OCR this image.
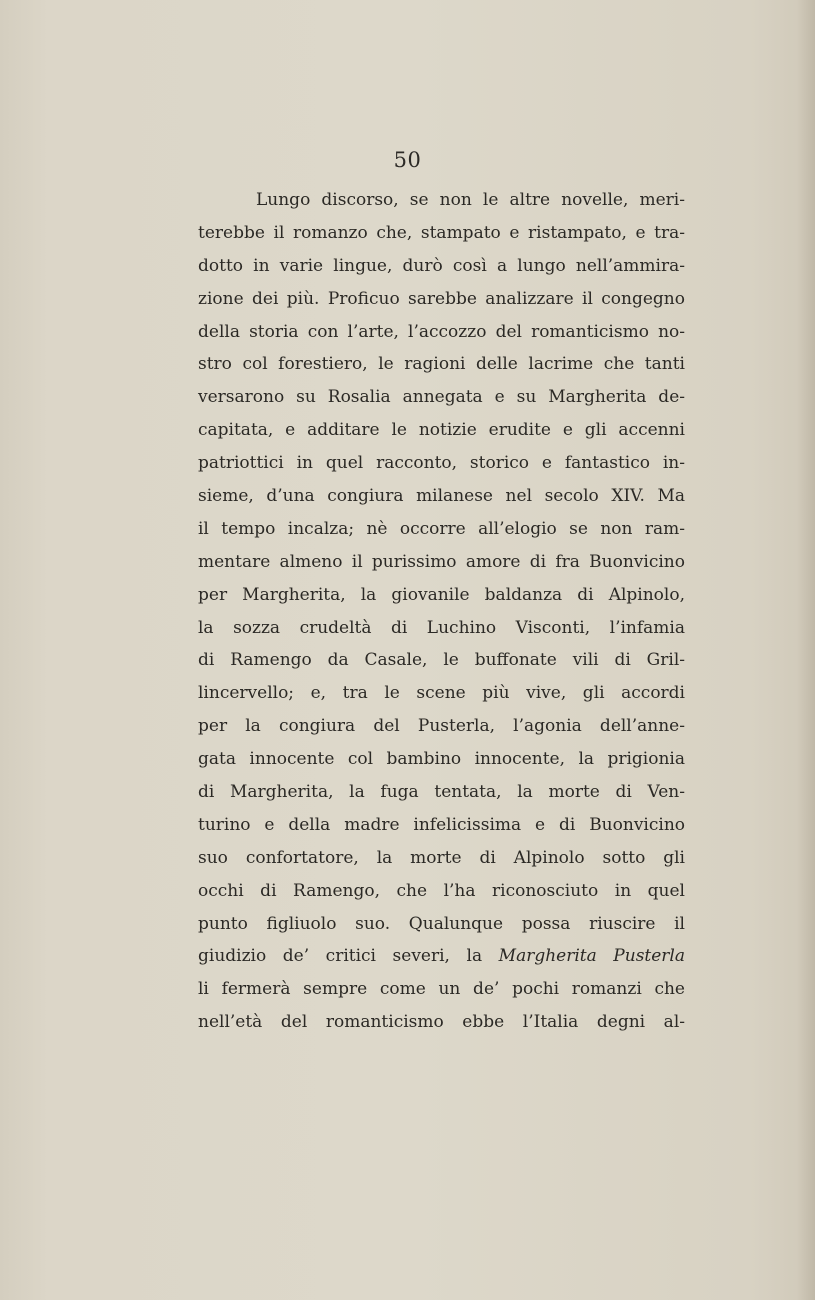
50
Lungo discorso, se non le altre novelle, meri-
terebbe il romanzo che, stampato e ristampato, e tra-
dotto in varie lingue, durò così a lungo nell’ammira-
zione dei più. Proficuo sarebbe analizzare il congegno
della storia con l’arte, l’accozzo del romanticismo no-
stro col forestiero, le ragioni delle lacrime che tanti
versarono su Rosalia annegata e su Margherita de-
capitata, e additare le notizie erudite e gli accenni
patriottici in quel racconto, storico e fantastico in-
sieme, d’una congiura milanese nel secolo XIV. Ma
il tempo incalza; nè occorre all’elogio se non ram-
mentare almeno il purissimo amore di fra Buonvicino
per Margherita, la giovanile baldanza di Alpinolo,
la sozza crudeltà di Luchino Visconti, l’infamia
di Ramengo da Casale, le buffonate vili di Gril-
lincervello; e, tra le scene più vive, gli accordi
per la congiura del Pusterla, l’agonia dell’anne-
gata innocente col bambino innocente, la prigionia
di Margherita, la fuga tentata, la morte di Ven-
turino e della madre infelicissima e di Buonvicino
suo confortatore, la morte di Alpinolo sotto gli
occhi di Ramengo, che l’ha riconosciuto in quel
punto figliuolo suo. Qualunque possa riuscire il
giudizio de’ critici severi, la Margherita Pusterla
li fermerà sempre come un de’ pochi romanzi che
nell’età del romanticismo ebbe l’Italia degni al-
